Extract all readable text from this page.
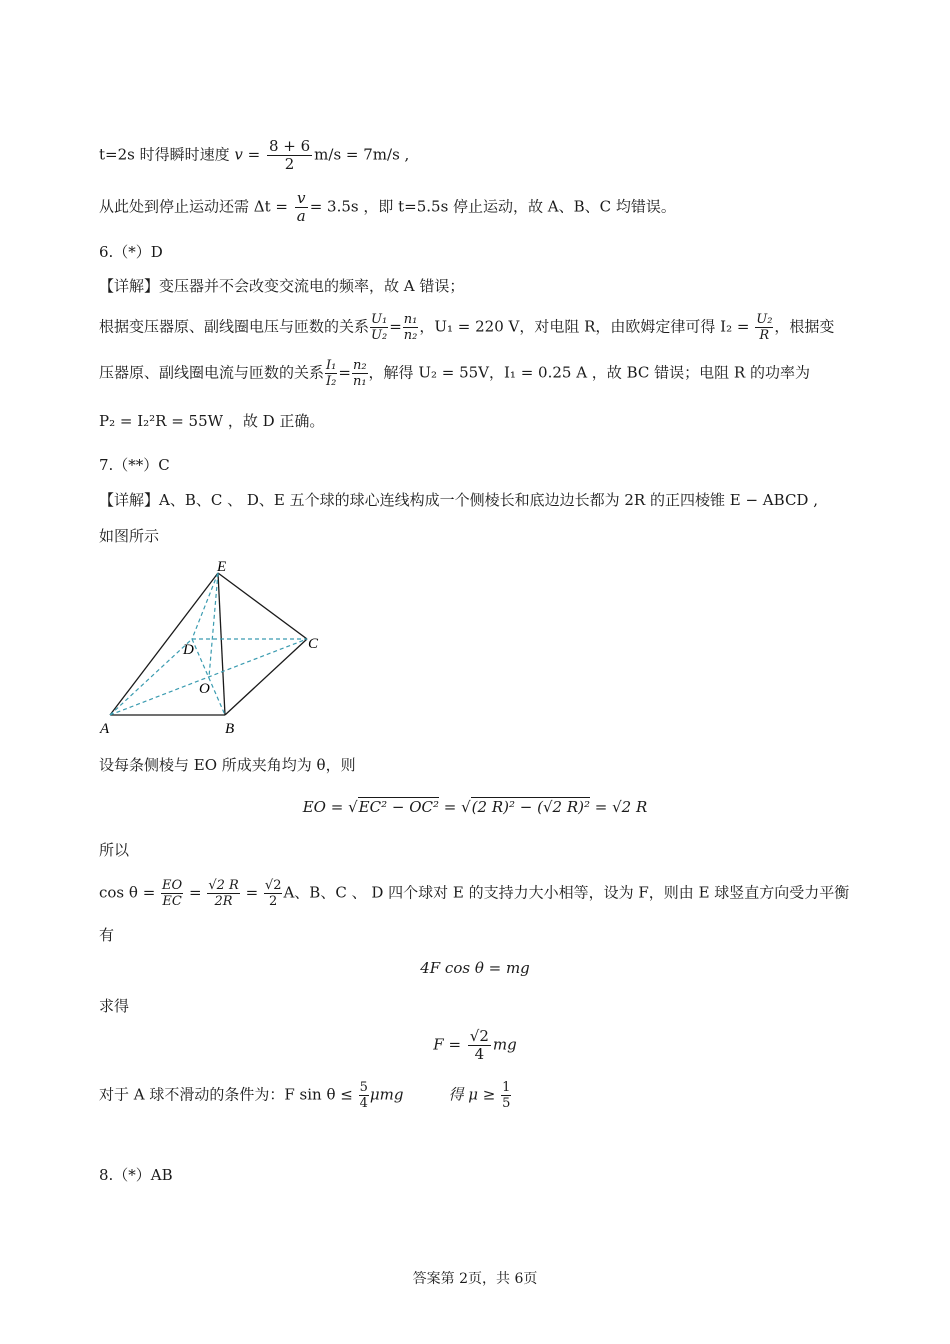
t=2s 时得瞬时速度 $v = \frac{8 + 6}{2} m/s = 7m/s$ ,
从此处到停止运动还需 $\Delta t = \frac{v}{a} = 3.5s$ ，即 t=5.5s 停止运动，故 A、B、C 均错误。
6.（*）D
【详解】变压器并不会改变交流电的频率，故 A 错误；
根据变压器原、副线圈电压与匝数的关系 $\frac{\text{U₁}}{\text{U₂}} = \frac{\text{n₁}}{\text{n₂}}$ ，U₁ = 220 V，对电阻 R，由欧姆定律可得 $I_2 = \frac{\text{U₂}}{R}$ ，根据变
压器原、副线圈电流与匝数的关系 $\frac{\text{I₁}}{\text{I₂}} = \frac{\text{n₂}}{\text{n₁}}$ ，解得 U₂ = 55V，I₁ = 0.25 A ，故 BC 错误；电阻 R 的功率为
P₂ = I₂²R = 55W ，故 D 正确。
7.（**）C
【详解】A、B、C 、 D、E 五个球的球心连线构成一个侧棱长和底边边长都为 2R 的正四棱锥 E − ABCD ,
如图所示
E
C
D
O
A	B
设每条侧棱与 EO 所成夹角均为 θ，则
EO = √EC² − OC² = √(2 R)² − (√2 R)² = √2 R
所以
$\cos \theta = \frac{EO}{EC} = \frac{√2 R}{2R} = \frac{√2}{2}$ A、B、C 、 D 四个球对 E 的支持力大小相等，设为 F，则由 E 球竖直方向受力平衡
有
4F cos θ = mg
求得
$F = \frac{√2}{4}$ mg
对于 A 球不滑动的条件为：F $\sin \theta \le \frac{5}{4}$ μmg　　　得 $\mu \ge \frac{1}{5}$
8.（*）AB
答案第 2页，共 6页
